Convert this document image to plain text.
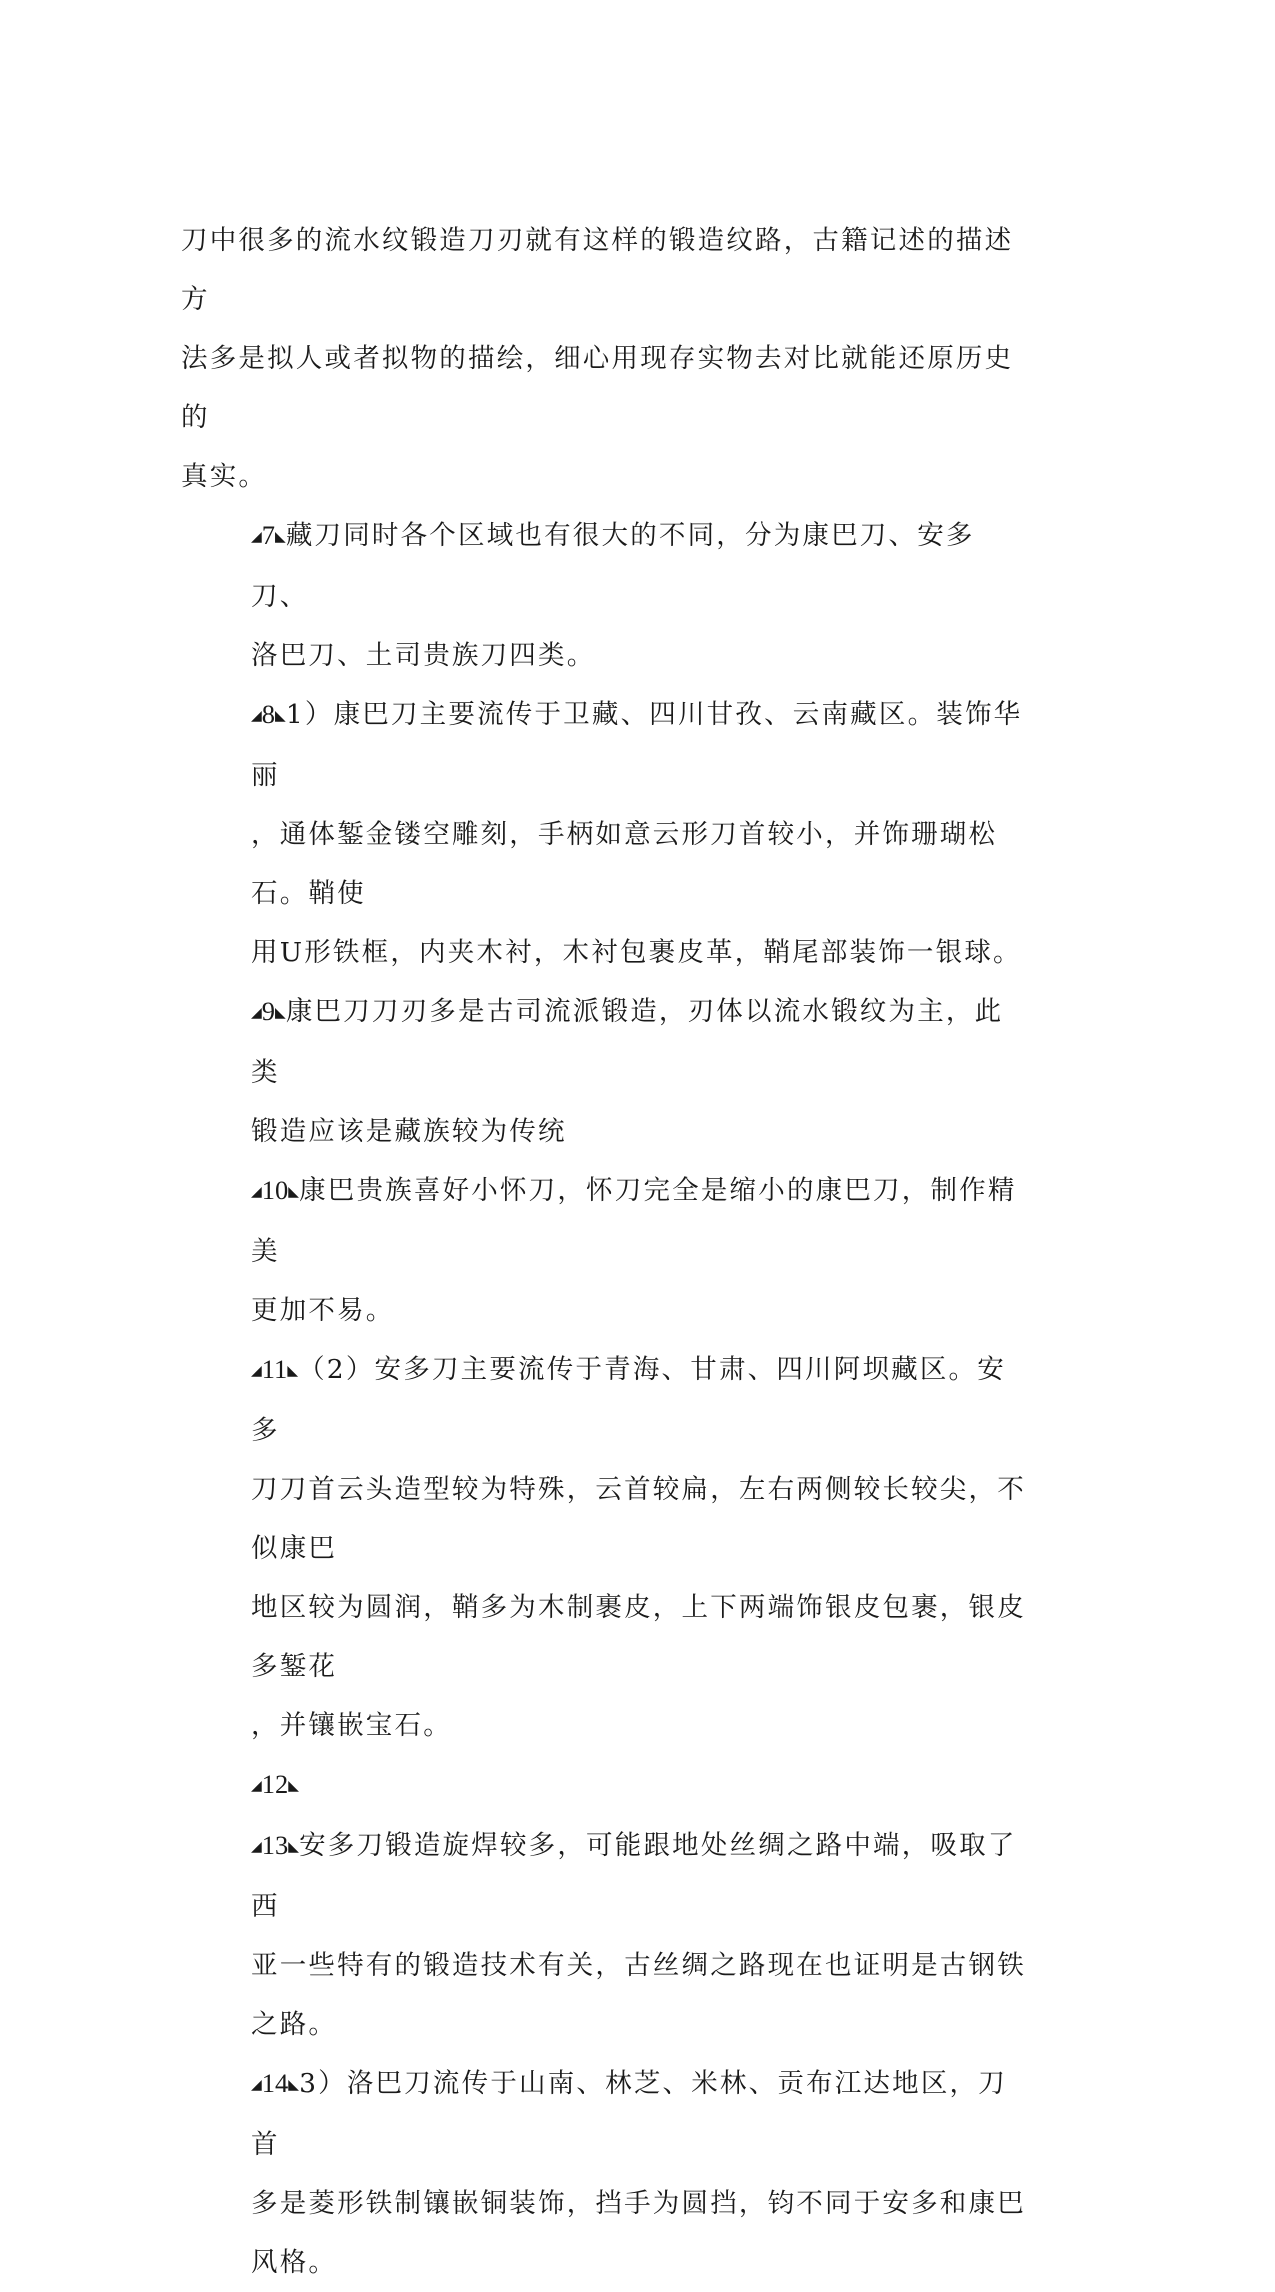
刀中很多的流水纹锻造刀刃就有这样的锻造纹路，古籍记述的描述方
法多是拟人或者拟物的描绘，细心用现存实物去对比就能还原历史的
真实。

◢7◣藏刀同时各个区域也有很大的不同，分为康巴刀、安多刀、
洛巴刀、土司贵族刀四类。

◢8◣1）康巴刀主要流传于卫藏、四川甘孜、云南藏区。装饰华丽
，通体錾金镂空雕刻，手柄如意云形刀首较小，并饰珊瑚松石。鞘使
用U形铁框，内夹木衬，木衬包裹皮革，鞘尾部装饰一银球。

◢9◣康巴刀刀刃多是古司流派锻造，刃体以流水锻纹为主，此类
锻造应该是藏族较为传统

◢10◣康巴贵族喜好小怀刀，怀刀完全是缩小的康巴刀，制作精美
更加不易。

◢11◣（2）安多刀主要流传于青海、甘肃、四川阿坝藏区。安多
刀刀首云头造型较为特殊，云首较扁，左右两侧较长较尖，不似康巴
地区较为圆润，鞘多为木制裹皮，上下两端饰银皮包裹，银皮多錾花
，并镶嵌宝石。

◢12◣

◢13◣安多刀锻造旋焊较多，可能跟地处丝绸之路中端，吸取了西
亚一些特有的锻造技术有关，古丝绸之路现在也证明是古钢铁之路。

◢14◣3）洛巴刀流传于山南、林芝、米林、贡布江达地区，刀首
多是菱形铁制镶嵌铜装饰，挡手为圆挡，钧不同于安多和康巴风格。
